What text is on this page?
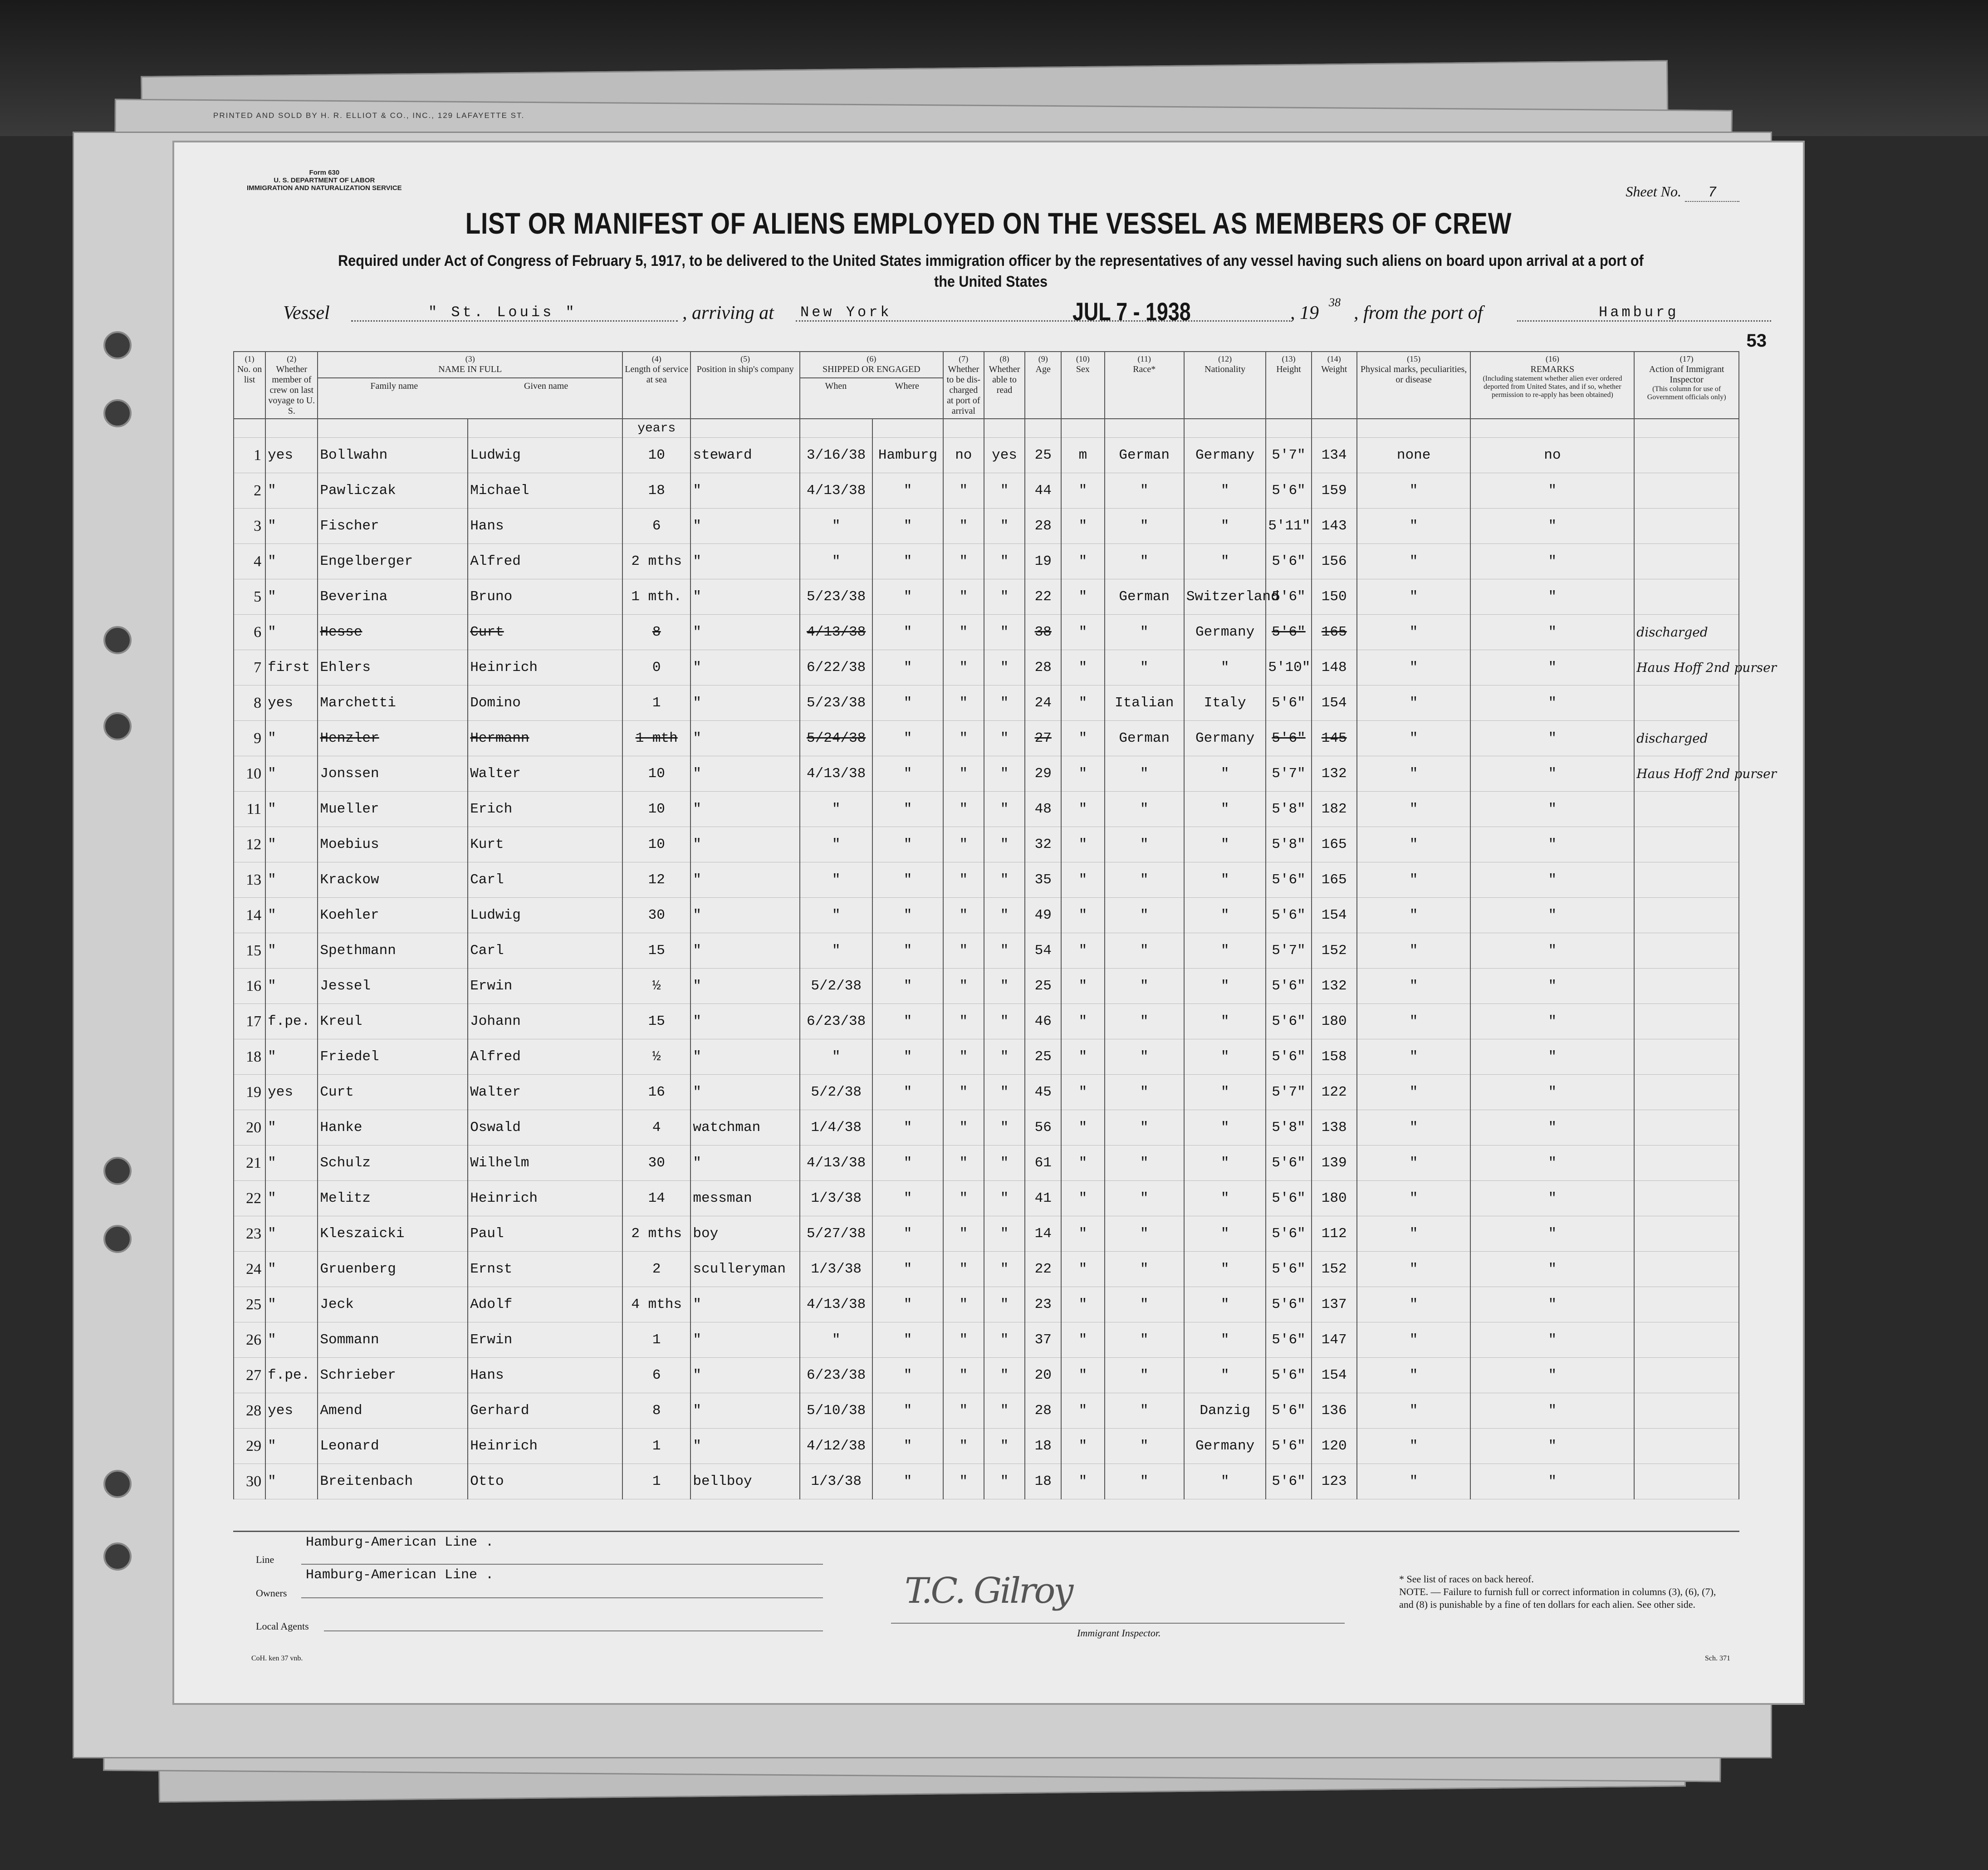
PRINTED AND SOLD BY H. R. ELLIOT & CO., INC., 129 LAFAYETTE ST.
Form 630
U. S. DEPARTMENT OF LABOR
IMMIGRATION AND NATURALIZATION SERVICE	Sheet No. 7
LIST OR MANIFEST OF ALIENS EMPLOYED ON THE VESSEL AS MEMBERS OF CREW
Required under Act of Congress of February 5, 1917, to be delivered to the United States immigration officer by the representatives of any vessel having such aliens on board upon arrival at a port of the United States
Vessel	" St. Louis "	, arriving at New York	JUL 7 - 1938	, 19
38
, from the port of	Hamburg
53
(1)
No. on list	(2)
Whether member of crew on last voyage to U. S.	(3)
NAME IN FULL
Family name Given name		(4)
Length of service at sea	(5)
Position in ship's company	(6)
SHIPPED OR ENGAGED
When Where		(7)
Whether to be dis-charged at port of arrival	(8)
Whether able to read	(9)
Age	(10)
Sex	(11)
Race*	(12)
Nationality	(13)
Height	(14)
Weight	(15)
Physical marks, peculiarities, or disease	(16)
REMARKS
(Including statement whether alien ever ordered deported from United States, and if so, whether permission to re-apply has been obtained)	(17)
Action of Immigrant Inspector
(This column for use of Government officials only)

				years														
1	yes	Bollwahn	Ludwig	10	steward	3/16/38	Hamburg	no	yes	25	m	German	Germany	5'7"	134	none	no	
2	"	Pawliczak	Michael	18	"	4/13/38	"	"	"	44	"	"	"	5'6"	159	"	"	
3	"	Fischer	Hans	6	"	"	"	"	"	28	"	"	"	5'11"	143	"	"	
4	"	Engelberger	Alfred	2 mths	"	"	"	"	"	19	"	"	"	5'6"	156	"	"	
5	"	Beverina	Bruno	1 mth.	"	5/23/38	"	"	"	22	"	German	Switzerland	5'6"	150	"	"	
6	"	Hesse	Curt	8	"	4/13/38	"	"	"	38	"	"	Germany	5'6"	165	"	"	discharged
7	first	Ehlers	Heinrich	0	"	6/22/38	"	"	"	28	"	"	"	5'10"	148	"	"	Haus Hoff 2nd purser
8	yes	Marchetti	Domino	1	"	5/23/38	"	"	"	24	"	Italian	Italy	5'6"	154	"	"	
9	"	Henzler	Hermann	1 mth	"	5/24/38	"	"	"	27	"	German	Germany	5'6"	145	"	"	discharged
10	"	Jonssen	Walter	10	"	4/13/38	"	"	"	29	"	"	"	5'7"	132	"	"	Haus Hoff 2nd purser
11	"	Mueller	Erich	10	"	"	"	"	"	48	"	"	"	5'8"	182	"	"	
12	"	Moebius	Kurt	10	"	"	"	"	"	32	"	"	"	5'8"	165	"	"	
13	"	Krackow	Carl	12	"	"	"	"	"	35	"	"	"	5'6"	165	"	"	
14	"	Koehler	Ludwig	30	"	"	"	"	"	49	"	"	"	5'6"	154	"	"	
15	"	Spethmann	Carl	15	"	"	"	"	"	54	"	"	"	5'7"	152	"	"	
16	"	Jessel	Erwin	½	"	5/2/38	"	"	"	25	"	"	"	5'6"	132	"	"	
17	f.pe.	Kreul	Johann	15	"	6/23/38	"	"	"	46	"	"	"	5'6"	180	"	"	
18	"	Friedel	Alfred	½	"	"	"	"	"	25	"	"	"	5'6"	158	"	"	
19	yes	Curt	Walter	16	"	5/2/38	"	"	"	45	"	"	"	5'7"	122	"	"	
20	"	Hanke	Oswald	4	watchman	1/4/38	"	"	"	56	"	"	"	5'8"	138	"	"	
21	"	Schulz	Wilhelm	30	"	4/13/38	"	"	"	61	"	"	"	5'6"	139	"	"	
22	"	Melitz	Heinrich	14	messman	1/3/38	"	"	"	41	"	"	"	5'6"	180	"	"	
23	"	Kleszaicki	Paul	2 mths	boy	5/27/38	"	"	"	14	"	"	"	5'6"	112	"	"	
24	"	Gruenberg	Ernst	2	sculleryman	1/3/38	"	"	"	22	"	"	"	5'6"	152	"	"	
25	"	Jeck	Adolf	4 mths	"	4/13/38	"	"	"	23	"	"	"	5'6"	137	"	"	
26	"	Sommann	Erwin	1	"	"	"	"	"	37	"	"	"	5'6"	147	"	"	
27	f.pe.	Schrieber	Hans	6	"	6/23/38	"	"	"	20	"	"	"	5'6"	154	"	"	
28	yes	Amend	Gerhard	8	"	5/10/38	"	"	"	28	"	"	Danzig	5'6"	136	"	"	
29	"	Leonard	Heinrich	1	"	4/12/38	"	"	"	18	"	"	Germany	5'6"	120	"	"	
30	"	Breitenbach	Otto	1	bellboy	1/3/38	"	"	"	18	"	"	"	5'6"	123	"	"	
Hamburg-American Line .
Line
Hamburg-American Line .
Owners
Local Agents
T.C. Gilroy
Immigrant Inspector.
* See list of races on back hereof.
NOTE. — Failure to furnish full or correct information in columns (3), (6), (7), and (8) is punishable by a fine of ten dollars for each alien. See other side.
CoH. ken 37 vnb.	Sch. 371
